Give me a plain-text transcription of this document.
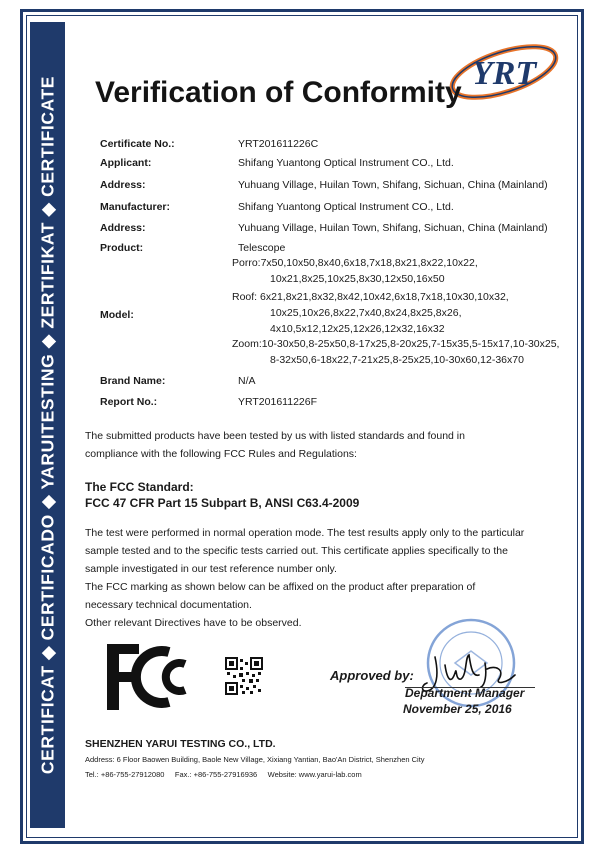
CERTIFICAT ◆ CERTIFICADO ◆ YARUITESTING ◆ ZERTIFIKAT ◆ CERTIFICATE
YRT
Verification of Conformity
Certificate No.:	YRT201611226C
Applicant:	Shifang Yuantong Optical Instrument CO., Ltd.
Address:	Yuhuang Village, Huilan Town, Shifang, Sichuan, China (Mainland)
Manufacturer:	Shifang Yuantong Optical Instrument CO., Ltd.
Address:	Yuhuang Village, Huilan Town, Shifang, Sichuan, China (Mainland)
Product:	Telescope
Model:
Porro:7x50,10x50,8x40,6x18,7x18,8x21,8x22,10x22,
10x21,8x25,10x25,8x30,12x50,16x50
Roof: 6x21,8x21,8x32,8x42,10x42,6x18,7x18,10x30,10x32,
10x25,10x26,8x22,7x40,8x24,8x25,8x26,
4x10,5x12,12x25,12x26,12x32,16x32
Zoom:10-30x50,8-25x50,8-17x25,8-20x25,7-15x35,5-15x17,10-30x25,
8-32x50,6-18x22,7-21x25,8-25x25,10-30x60,12-36x70
Brand Name:	N/A
Report No.:	YRT201611226F

The submitted products have been tested by us with listed standards and found in
compliance with the following FCC Rules and Regulations:

The FCC Standard:
FCC 47 CFR Part 15 Subpart B, ANSI C63.4-2009

The test were performed in normal operation mode. The test results apply only to the particular
sample tested and to the specific tests carried out. This certificate applies specifically to the
sample investigated in our test reference number only.
The FCC marking as shown below can be affixed on the product after preparation of
necessary technical documentation.
Other relevant Directives have to be observed.

Approved by:
Department Manager
November 25, 2016
SHENZHEN YARUI TESTING CO., LTD.
Address: 6 Floor Baowen Building, Baole New Village, Xixiang Yantian, Bao'An District, Shenzhen City
Tel.: +86-755-27912080 Fax.: +86-755-27916936 Website: www.yarui-lab.com
